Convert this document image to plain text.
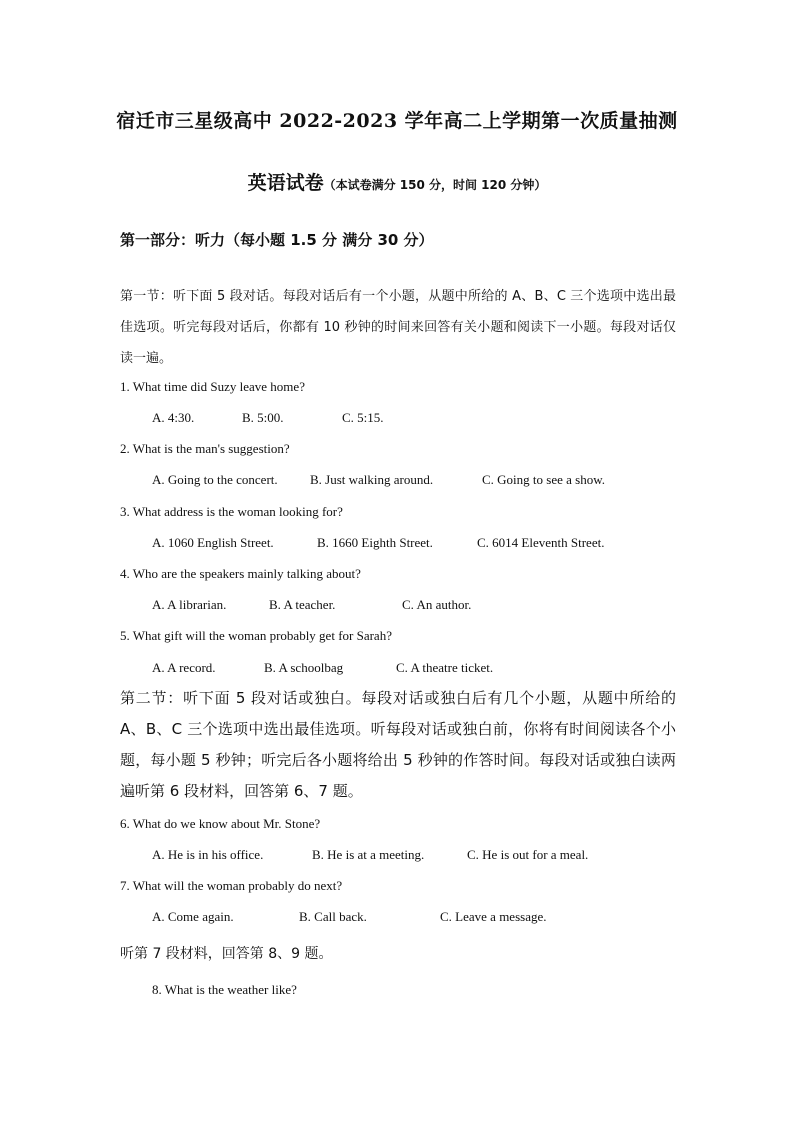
宿迁市三星级高中 2022-2023 学年高二上学期第一次质量抽测
英语试卷（本试卷满分 150 分，时间 120 分钟）
第一部分：听力（每小题 1.5 分 满分 30 分）
第一节：听下面 5 段对话。每段对话后有一个小题，从题中所给的 A、B、C 三个选项中选出最佳选项。听完每段对话后，你都有 10 秒钟的时间来回答有关小题和阅读下一小题。每段对话仅读一遍。
1. What time did Suzy leave home?
A. 4:30.	B. 5:00.	C. 5:15.
2. What is the man's suggestion?
A. Going to the concert. B. Just walking around.	C. Going to see a show.
3. What address is the woman looking for?
A. 1060 English Street.	B. 1660 Eighth Street.	C. 6014 Eleventh Street.
4. Who are the speakers mainly talking about?
A. A librarian.	B. A teacher.	C. An author.
5. What gift will the woman probably get for Sarah?
A. A record.	B. A schoolbag	C. A theatre ticket.
第二节：听下面 5 段对话或独白。每段对话或独白后有几个小题，从题中所给的 A、B、C 三个选项中选出最佳选项。听每段对话或独白前，你将有时间阅读各个小题，每小题 5 秒钟；听完后各小题将给出 5 秒钟的作答时间。每段对话或独白读两遍听第 6 段材料，回答第 6、7 题。
6. What do we know about Mr. Stone?
A. He is in his office.	B. He is at a meeting.	C. He is out for a meal.
7. What will the woman probably do next?
A. Come again.	B. Call back.	C. Leave a message.
听第 7 段材料，回答第 8、9 题。
8. What is the weather like?
